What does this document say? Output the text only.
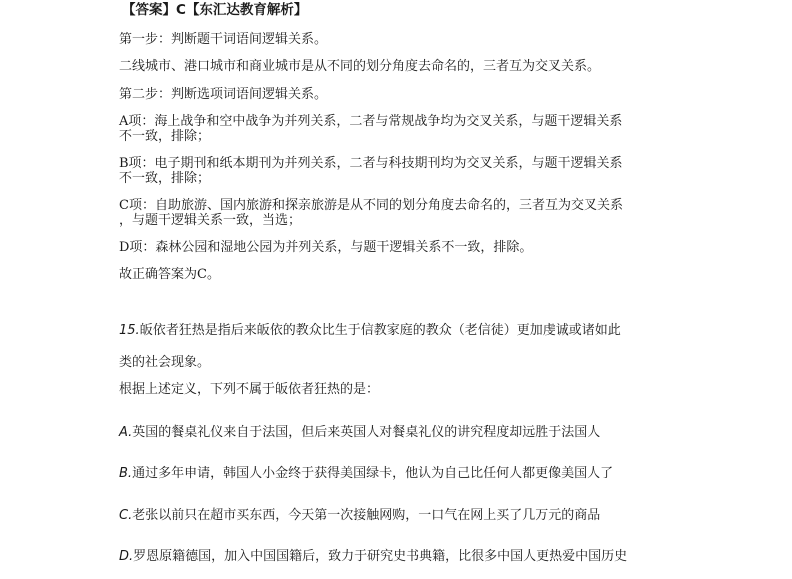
【答案】C【东汇达教育解析】
第一步：判断题干词语间逻辑关系。
二线城市、港口城市和商业城市是从不同的划分角度去命名的，三者互为交叉关系。
第二步：判断选项词语间逻辑关系。
A项：海上战争和空中战争为并列关系，二者与常规战争均为交叉关系，与题干逻辑关系
不一致，排除；
B项：电子期刊和纸本期刊为并列关系，二者与科技期刊均为交叉关系，与题干逻辑关系
不一致，排除；
C项：自助旅游、国内旅游和探亲旅游是从不同的划分角度去命名的，三者互为交叉关系
，与题干逻辑关系一致，当选；
D项：森林公园和湿地公园为并列关系，与题干逻辑关系不一致，排除。
故正确答案为C。
15.皈依者狂热是指后来皈依的教众比生于信教家庭的教众（老信徒）更加虔诚或诸如此
类的社会现象。
根据上述定义，下列不属于皈依者狂热的是：
A.英国的餐桌礼仪来自于法国，但后来英国人对餐桌礼仪的讲究程度却远胜于法国人
B.通过多年申请，韩国人小金终于获得美国绿卡，他认为自己比任何人都更像美国人了
C.老张以前只在超市买东西，今天第一次接触网购，一口气在网上买了几万元的商品
D.罗恩原籍德国，加入中国国籍后，致力于研究史书典籍，比很多中国人更热爱中国历史
